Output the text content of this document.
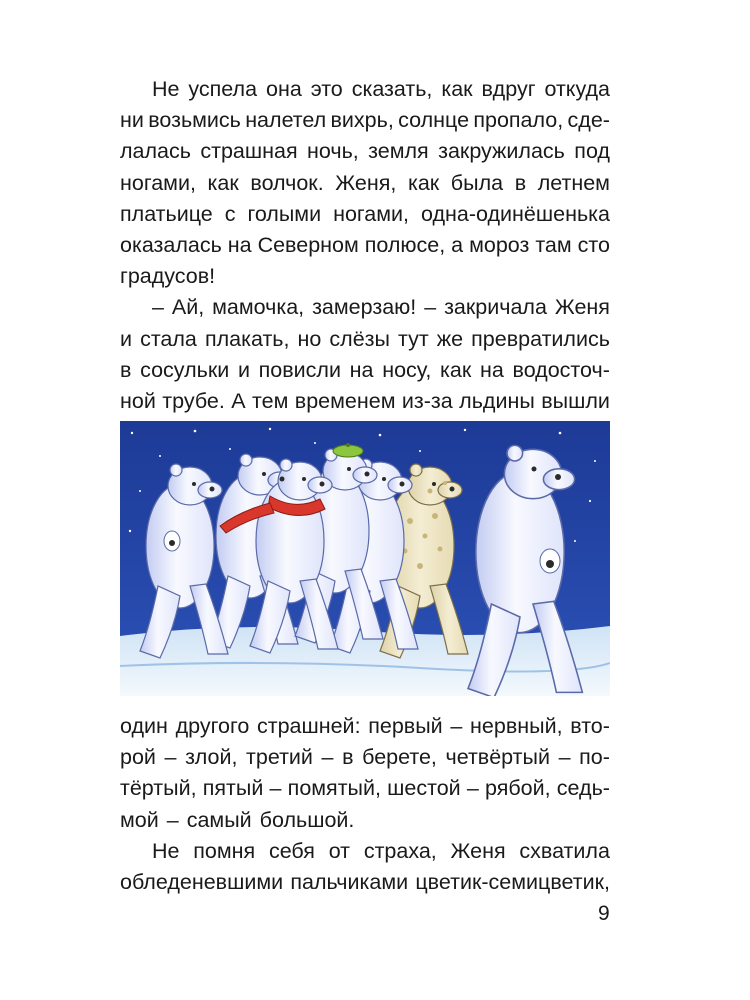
Не успела она это сказать, как вдруг откуда
ни возьмись налетел вихрь, солнце пропало, сде-
лалась страшная ночь, земля закружилась под
ногами, как волчок. Женя, как была в летнем
платьице с голыми ногами, одна-одинёшенька
оказалась на Северном полюсе, а мороз там сто
градусов!
– Ай, мамочка, замерзаю! – закричала Женя
и стала плакать, но слёзы тут же превратились
в сосульки и повисли на носу, как на водосточ-
ной трубе. А тем временем из-за льдины вышли
один другого страшней: первый – нервный, вто-
рой – злой, третий – в берете, четвёртый – по-
тёртый, пятый – помятый, шестой – рябой, седь-
мой – самый большой.
Не помня себя от страха, Женя схватила
обледеневшими пальчиками цветик-семицветик,
9
